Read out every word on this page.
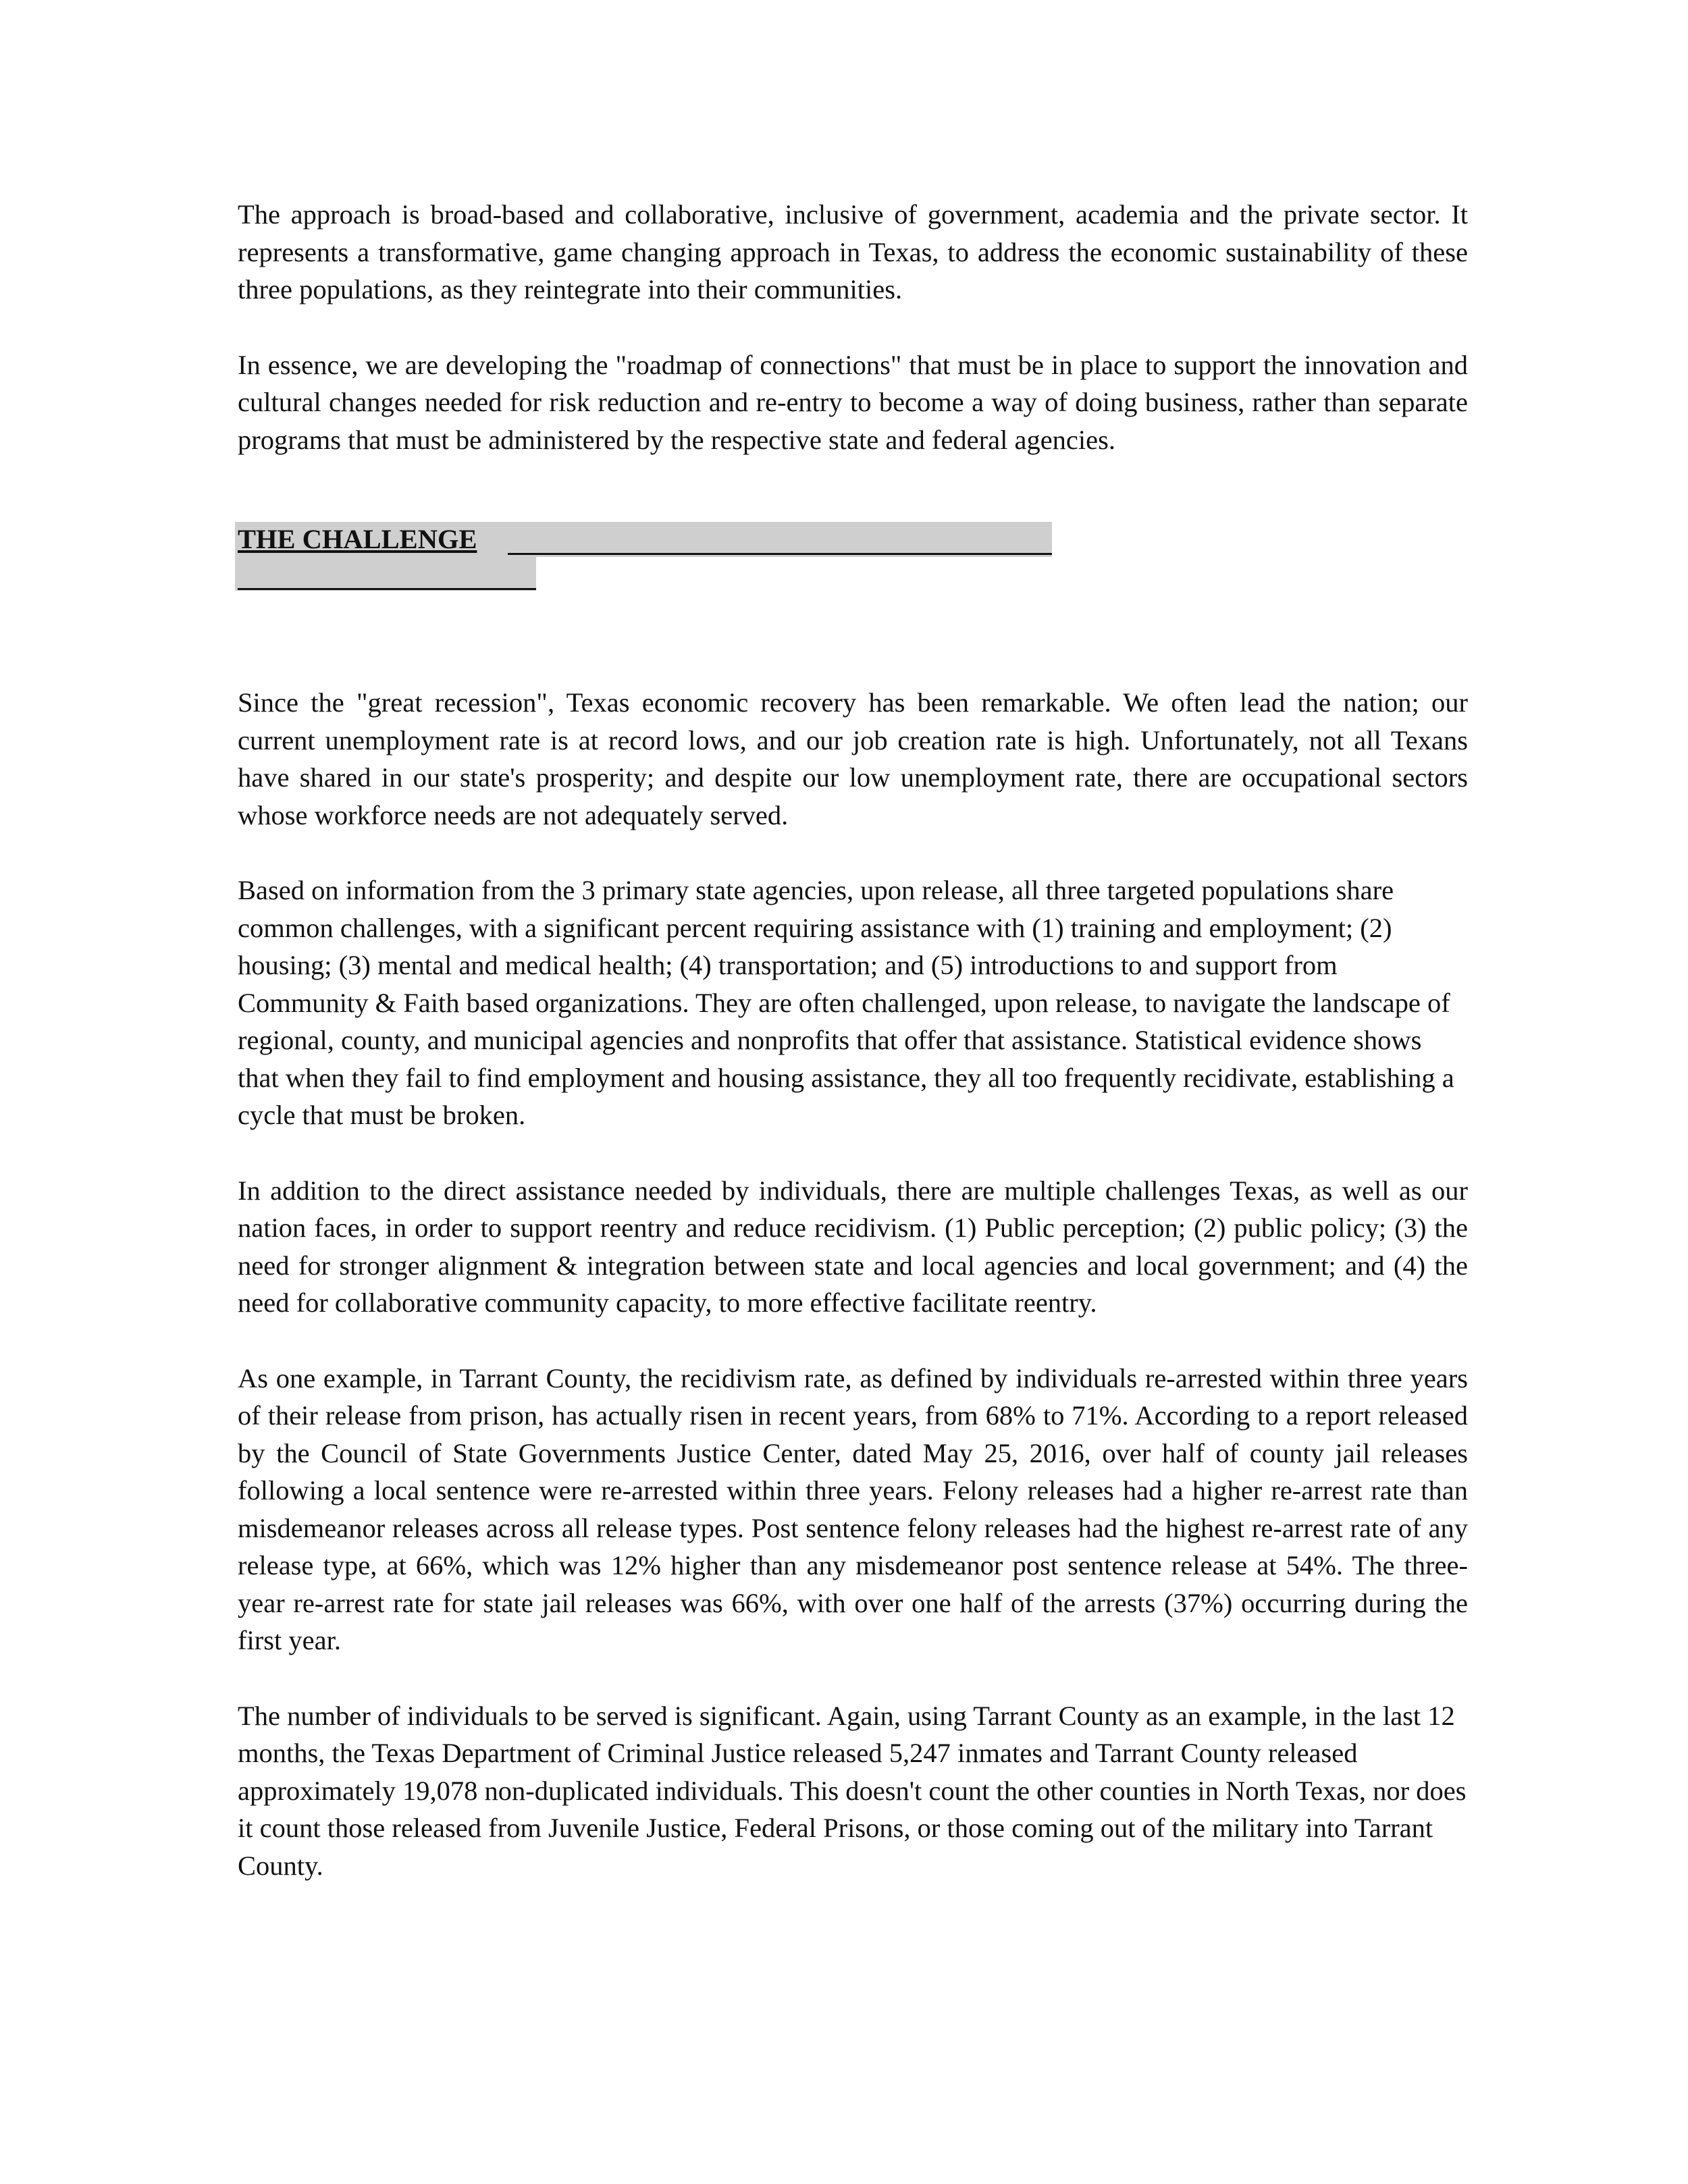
The approach is broad-based and collaborative, inclusive of government, academia and the private sector. It represents a transformative, game changing approach in Texas, to address the economic sustainability of these three populations, as they reintegrate into their communities.

In essence, we are developing the "roadmap of connections" that must be in place to support the innovation and cultural changes needed for risk reduction and re-entry to become a way of doing business, rather than separate programs that must be administered by the respective state and federal agencies.

THE CHALLENGE

Since the "great recession", Texas economic recovery has been remarkable. We often lead the nation; our current unemployment rate is at record lows, and our job creation rate is high. Unfortunately, not all Texans have shared in our state's prosperity; and despite our low unemployment rate, there are occupational sectors whose workforce needs are not adequately served.

Based on information from the 3 primary state agencies, upon release, all three targeted populations share common challenges, with a significant percent requiring assistance with (1) training and employment; (2) housing; (3) mental and medical health; (4) transportation; and (5) introductions to and support from Community & Faith based organizations. They are often challenged, upon release, to navigate the landscape of regional, county, and municipal agencies and nonprofits that offer that assistance. Statistical evidence shows that when they fail to find employment and housing assistance, they all too frequently recidivate, establishing a cycle that must be broken.

In addition to the direct assistance needed by individuals, there are multiple challenges Texas, as well as our nation faces, in order to support reentry and reduce recidivism. (1) Public perception; (2) public policy; (3) the need for stronger alignment & integration between state and local agencies and local government; and (4) the need for collaborative community capacity, to more effective facilitate reentry.

As one example, in Tarrant County, the recidivism rate, as defined by individuals re-arrested within three years of their release from prison, has actually risen in recent years, from 68% to 71%. According to a report released by the Council of State Governments Justice Center, dated May 25, 2016, over half of county jail releases following a local sentence were re-arrested within three years. Felony releases had a higher re-arrest rate than misdemeanor releases across all release types. Post sentence felony releases had the highest re-arrest rate of any release type, at 66%, which was 12% higher than any misdemeanor post sentence release at 54%. The three-year re-arrest rate for state jail releases was 66%, with over one half of the arrests (37%) occurring during the first year.

The number of individuals to be served is significant. Again, using Tarrant County as an example, in the last 12 months, the Texas Department of Criminal Justice released 5,247 inmates and Tarrant County released approximately 19,078 non-duplicated individuals. This doesn't count the other counties in North Texas, nor does it count those released from Juvenile Justice, Federal Prisons, or those coming out of the military into Tarrant County.
